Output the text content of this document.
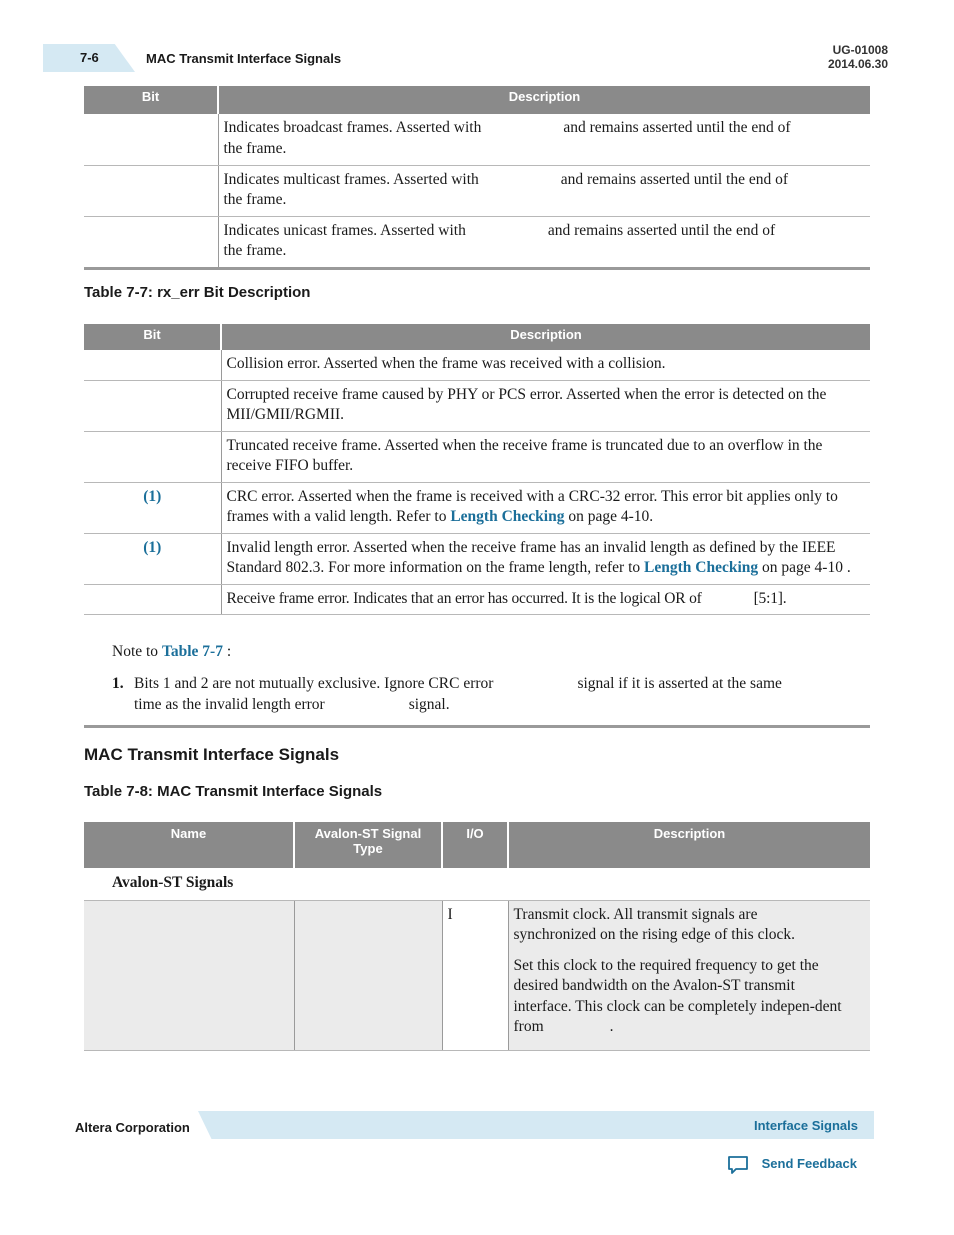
7-6	MAC Transmit Interface Signals
UG-01008
2014.06.30
Bit	Description
	Indicates broadcast frames. Asserted with and remains asserted until the end of
the frame.
	Indicates multicast frames. Asserted with and remains asserted until the end of
the frame.
	Indicates unicast frames. Asserted with and remains asserted until the end of
the frame.
Table 7-7: rx_err Bit Description
Bit	Description
	Collision error. Asserted when the frame was received with a collision.
	Corrupted receive frame caused by PHY or PCS error. Asserted when the error is detected on the MII/GMII/RGMII.
	Truncated receive frame. Asserted when the receive frame is truncated due to an overflow in the receive FIFO buffer.
(1)	CRC error. Asserted when the frame is received with a CRC-32 error. This error bit applies only to frames with a valid length. Refer to Length Checking on page 4-10.
(1)	Invalid length error. Asserted when the receive frame has an invalid length as defined by the IEEE Standard 802.3. For more information on the frame length, refer to Length Checking on page 4-10 .
	Receive frame error. Indicates that an error has occurred. It is the logical OR of [5:1].
Note to Table 7-7 :
1. Bits 1 and 2 are not mutually exclusive. Ignore CRC error	signal if it is asserted at the same
time as the invalid length error	signal.
MAC Transmit Interface Signals
Table 7-8: MAC Transmit Interface Signals
Name	Avalon-ST Signal Type	I/O	Description
Avalon-ST Signals			
		I	Transmit clock. All transmit signals are synchronized on the rising edge of this clock.
Set this clock to the required frequency to get the desired bandwidth on the Avalon-ST transmit interface. This clock can be completely indepen-dent from .
Altera Corporation	Interface Signals
Send Feedback
